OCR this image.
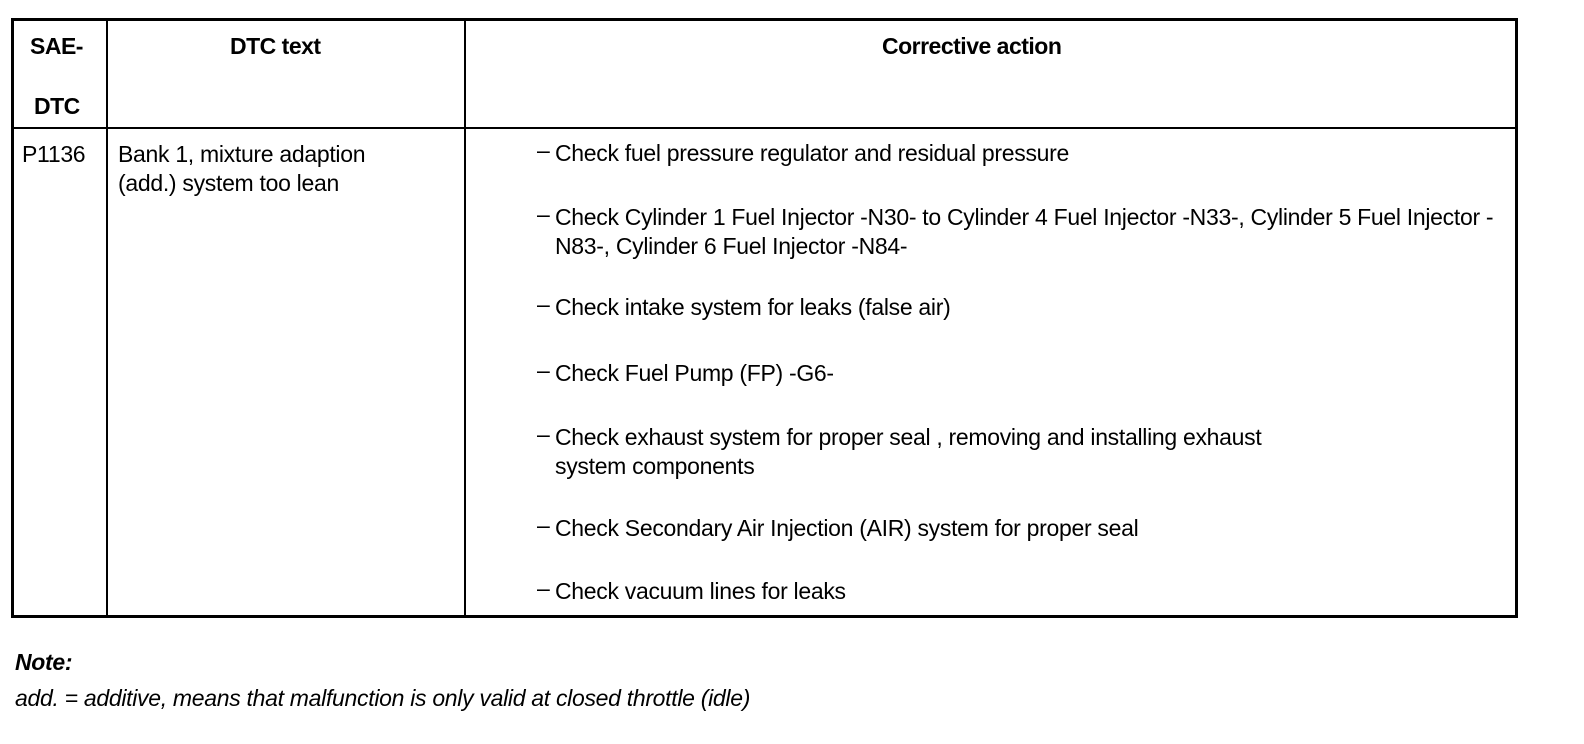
SAE-
DTC
DTC text	Corrective action
P1136 Bank 1, mixture adaption
(add.) system too lean
– Check fuel pressure regulator and residual pressure
– Check Cylinder 1 Fuel Injector -N30- to Cylinder 4 Fuel Injector -N33-, Cylinder 5 Fuel Injector -N83-, Cylinder 6 Fuel Injector -N84-
– Check intake system for leaks (false air)
– Check Fuel Pump (FP) -G6-
– Check exhaust system for proper seal , removing and installing exhaust system components
– Check Secondary Air Injection (AIR) system for proper seal
– Check vacuum lines for leaks
Note:
add. = additive, means that malfunction is only valid at closed throttle (idle)
